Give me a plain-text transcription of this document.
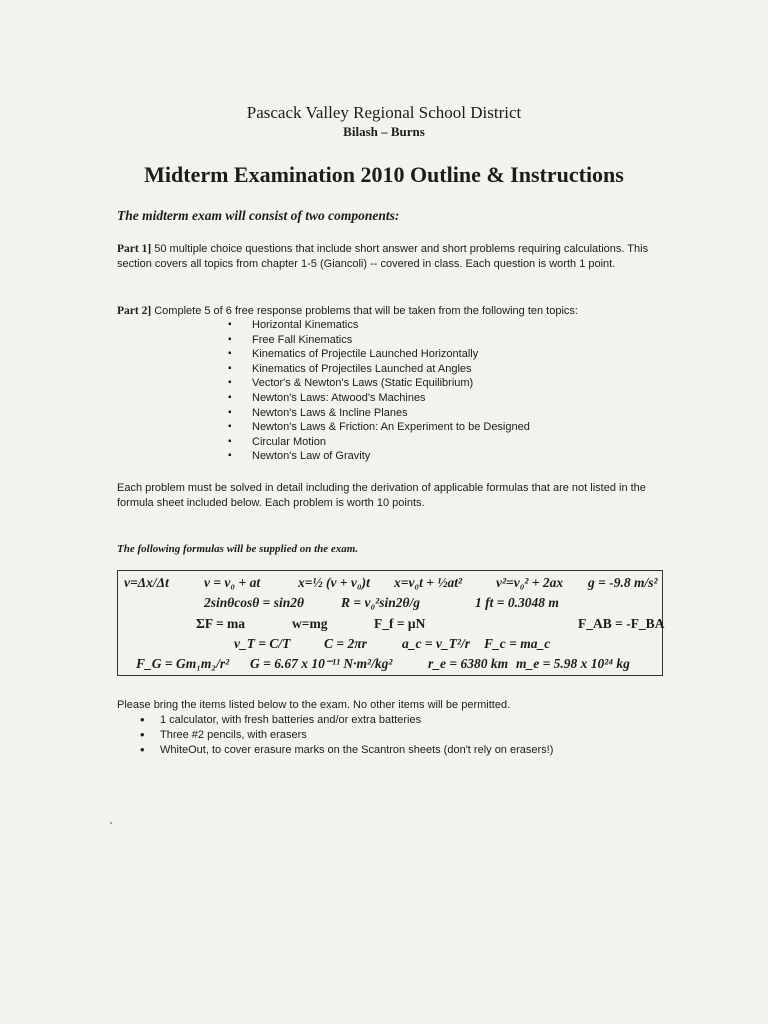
Pascack Valley Regional School District
Bilash – Burns
Midterm Examination 2010 Outline & Instructions
The midterm exam will consist of two components:
Part 1] 50 multiple choice questions that include short answer and short problems requiring calculations. This section covers all topics from chapter 1-5 (Giancoli) -- covered in class. Each question is worth 1 point.
Part 2] Complete 5 of 6 free response problems that will be taken from the following ten topics:
▪ Horizontal Kinematics
▪ Free Fall Kinematics
▪ Kinematics of Projectile Launched Horizontally
▪ Kinematics of Projectiles Launched at Angles
▪ Vector's & Newton's Laws (Static Equilibrium)
▪ Newton's Laws: Atwood's Machines
▪ Newton's Laws & Incline Planes
▪ Newton's Laws & Friction: An Experiment to be Designed
▪ Circular Motion
▪ Newton's Law of Gravity
Each problem must be solved in detail including the derivation of applicable formulas that are not listed in the formula sheet included below. Each problem is worth 10 points.
The following formulas will be supplied on the exam.
v=Δx/Δt	v = v₀ + at	x=½ (v + v₀)t x=v₀t + ½at²	v²=v₀² + 2ax g = -9.8 m/s²
2sinθcosθ = sin2θ	R = v₀²sin2θ/g	1 ft = 0.3048 m
ΣF = ma	w=mg	F_f = μN	F_AB = -F_BA
v_T = C/T C = 2πr	a_c = v_T²/r F_c = ma_c
F_G = Gm₁m₂/r² G = 6.67 x 10⁻¹¹ N·m²/kg²	r_e = 6380 km m_e = 5.98 x 10²⁴ kg
Please bring the items listed below to the exam. No other items will be permitted.
• 1 calculator, with fresh batteries and/or extra batteries
• Three #2 pencils, with erasers
• WhiteOut, to cover erasure marks on the Scantron sheets (don't rely on erasers!)
